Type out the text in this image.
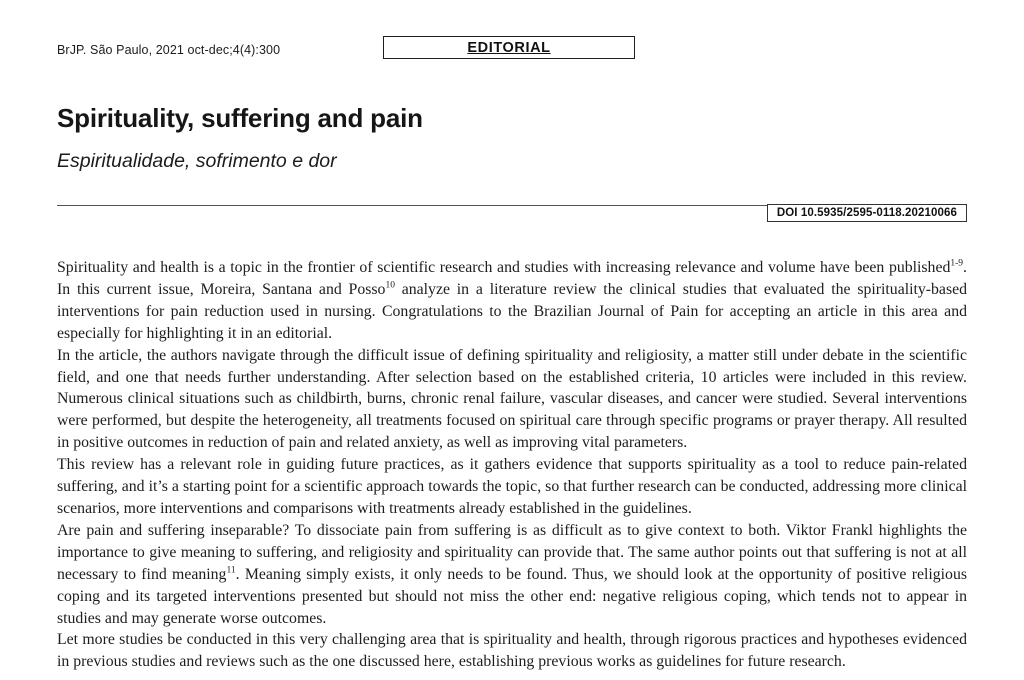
BrJP. São Paulo, 2021 oct-dec;4(4):300	EDITORIAL
Spirituality, suffering and pain
Espiritualidade, sofrimento e dor
DOI 10.5935/2595-0118.20210066

Spirituality and health is a topic in the frontier of scientific research and studies with increasing relevance and volume have been published$^{1-9}$. In this current issue, Moreira, Santana and Posso$^{10}$ analyze in a literature review the clinical studies that evaluated the spirituality-based interventions for pain reduction used in nursing. Congratulations to the Brazilian Journal of Pain for accepting an article in this area and especially for highlighting it in an editorial.

In the article, the authors navigate through the difficult issue of defining spirituality and religiosity, a matter still under debate in the scientific field, and one that needs further understanding. After selection based on the established criteria, 10 articles were included in this review. Numerous clinical situations such as childbirth, burns, chronic renal failure, vascular diseases, and cancer were studied. Several interventions were performed, but despite the heterogeneity, all treatments focused on spiritual care through specific programs or prayer therapy. All resulted in positive outcomes in reduction of pain and related anxiety, as well as improving vital parameters.

This review has a relevant role in guiding future practices, as it gathers evidence that supports spirituality as a tool to reduce pain-related suffering, and it’s a starting point for a scientific approach towards the topic, so that further research can be conducted, addressing more clinical scenarios, more interventions and comparisons with treatments already established in the guidelines.

Are pain and suffering inseparable? To dissociate pain from suffering is as difficult as to give context to both. Viktor Frankl highlights the importance to give meaning to suffering, and religiosity and spirituality can provide that. The same author points out that suffering is not at all necessary to find meaning$^{11}$. Meaning simply exists, it only needs to be found. Thus, we should look at the opportunity of positive religious coping and its targeted interventions presented but should not miss the other end: negative religious coping, which tends not to appear in studies and may generate worse outcomes.

Let more studies be conducted in this very challenging area that is spirituality and health, through rigorous practices and hypotheses evidenced in previous studies and reviews such as the one discussed here, establishing previous works as guidelines for future research.
